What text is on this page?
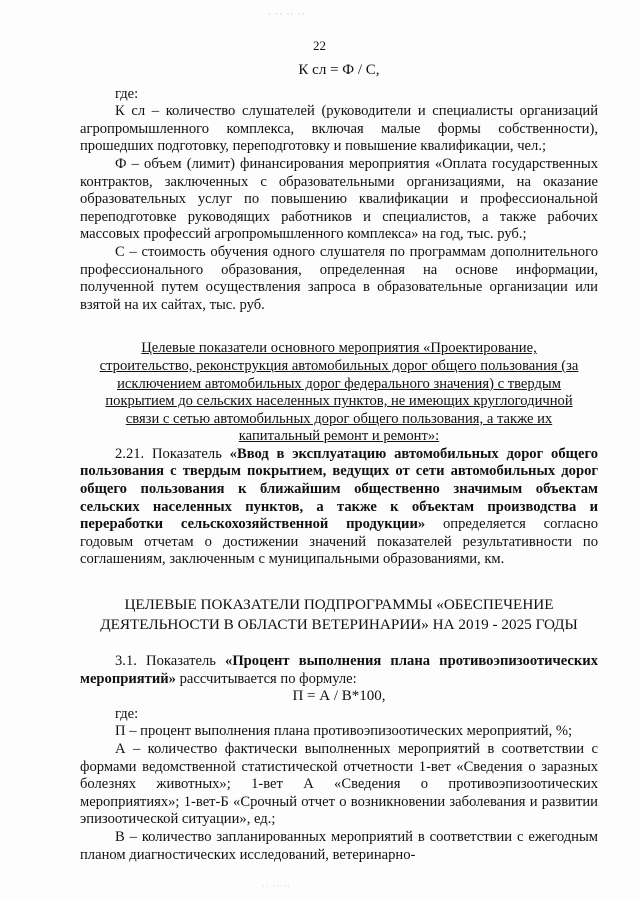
· ·· ·· ··
22

К сл = Ф / С,

где:

К сл – количество слушателей (руководители и специалисты организаций агропромышленного комплекса, включая малые формы собственности), прошедших подготовку, переподготовку и повышение квалификации, чел.;

Ф – объем (лимит) финансирования мероприятия «Оплата государственных контрактов, заключенных с образовательными организациями, на оказание образовательных услуг по повышению квалификации и профессиональной переподготовке руководящих работников и специалистов, а также рабочих массовых профессий агропромышленного комплекса» на год, тыс. руб.;

С – стоимость обучения одного слушателя по программам дополнительного профессионального образования, определенная на основе информации, полученной путем осуществления запроса в образовательные организации или взятой на их сайтах, тыс. руб.

Целевые показатели основного мероприятия «Проектирование,
строительство, реконструкция автомобильных дорог общего пользования (за
исключением автомобильных дорог федерального значения) с твердым
покрытием до сельских населенных пунктов, не имеющих круглогодичной
связи с сетью автомобильных дорог общего пользования, а также их
капитальный ремонт и ремонт»:

2.21. Показатель «Ввод в эксплуатацию автомобильных дорог общего пользования с твердым покрытием, ведущих от сети автомобильных дорог общего пользования к ближайшим общественно значимым объектам сельских населенных пунктов, а также к объектам производства и переработки сельскохозяйственной продукции» определяется согласно годовым отчетам о достижении значений показателей результативности по соглашениям, заключенным с муниципальными образованиями, км.

ЦЕЛЕВЫЕ ПОКАЗАТЕЛИ ПОДПРОГРАММЫ «ОБЕСПЕЧЕНИЕ
ДЕЯТЕЛЬНОСТИ В ОБЛАСТИ ВЕТЕРИНАРИИ» НА 2019 - 2025 ГОДЫ

3.1. Показатель «Процент выполнения плана противоэпизоотических мероприятий» рассчитывается по формуле:

П = А / В*100,

где:

П – процент выполнения плана противоэпизоотических мероприятий, %;

А – количество фактически выполненных мероприятий в соответствии с формами ведомственной статистической отчетности 1-вет «Сведения о заразных болезнях животных»; 1-вет А «Сведения о противоэпизоотических мероприятиях»; 1-вет-Б «Срочный отчет о возникновении заболевания и развитии эпизоотической ситуации», ед.;

В – количество запланированных мероприятий в соответствии с ежегодным планом диагностических исследований, ветеринарно-

·· ·····
